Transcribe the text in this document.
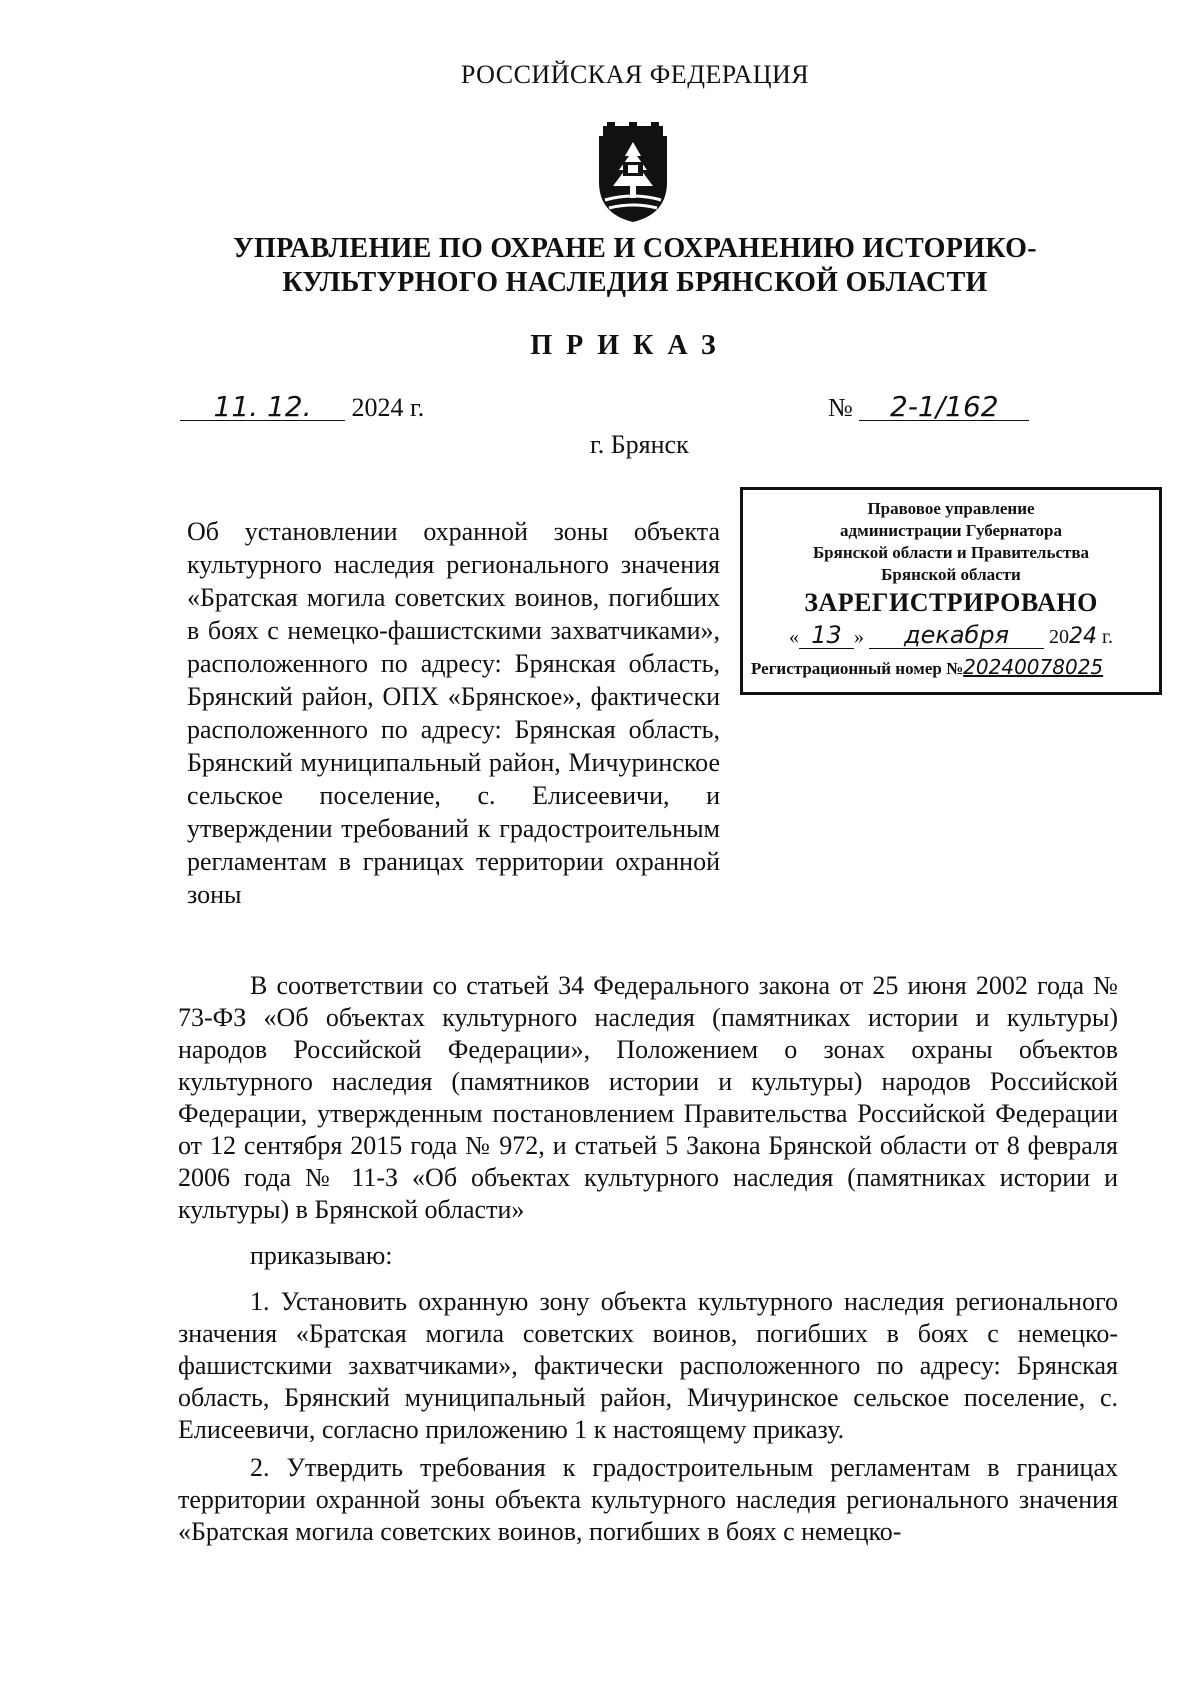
РОССИЙСКАЯ ФЕДЕРАЦИЯ
УПРАВЛЕНИЕ ПО ОХРАНЕ И СОХРАНЕНИЮ ИСТОРИКО-
КУЛЬТУРНОГО НАСЛЕДИЯ БРЯНСКОЙ ОБЛАСТИ
ПРИКАЗ
11. 12. 2024 г.	№ 2-1/162
г. Брянск
Правовое управление
администрации Губернатора
Брянской области и Правительства
Брянской области
ЗАРЕГИСТРИРОВАНО
« 13 » декабря 2024 г.
Регистрационный номер №20240078025
Об установлении охранной зоны объекта культурного наследия регионального значения «Братская могила советских воинов, погибших в боях с немецко-фашистскими захватчиками», расположенного по адресу: Брянская область, Брянский район, ОПХ «Брянское», фактически расположенного по адресу: Брянская область, Брянский муниципальный район, Мичуринское сельское поселение, с. Елисеевичи, и утверждении требований к градостроительным регламентам в границах территории охранной зоны

В соответствии со статьей 34 Федерального закона от 25 июня 2002 года № 73-ФЗ «Об объектах культурного наследия (памятниках истории и культуры) народов Российской Федерации», Положением о зонах охраны объектов культурного наследия (памятников истории и культуры) народов Российской Федерации, утвержденным постановлением Правительства Российской Федерации от 12 сентября 2015 года № 972, и статьей 5 Закона Брянской области от 8 февраля 2006 года № 11-З «Об объектах культурного наследия (памятниках истории и культуры) в Брянской области»

приказываю:

1. Установить охранную зону объекта культурного наследия регионального значения «Братская могила советских воинов, погибших в боях с немецко-фашистскими захватчиками», фактически расположенного по адресу: Брянская область, Брянский муниципальный район, Мичуринское сельское поселение, с. Елисеевичи, согласно приложению 1 к настоящему приказу.

2. Утвердить требования к градостроительным регламентам в границах территории охранной зоны объекта культурного наследия регионального значения «Братская могила советских воинов, погибших в боях с немецко-
